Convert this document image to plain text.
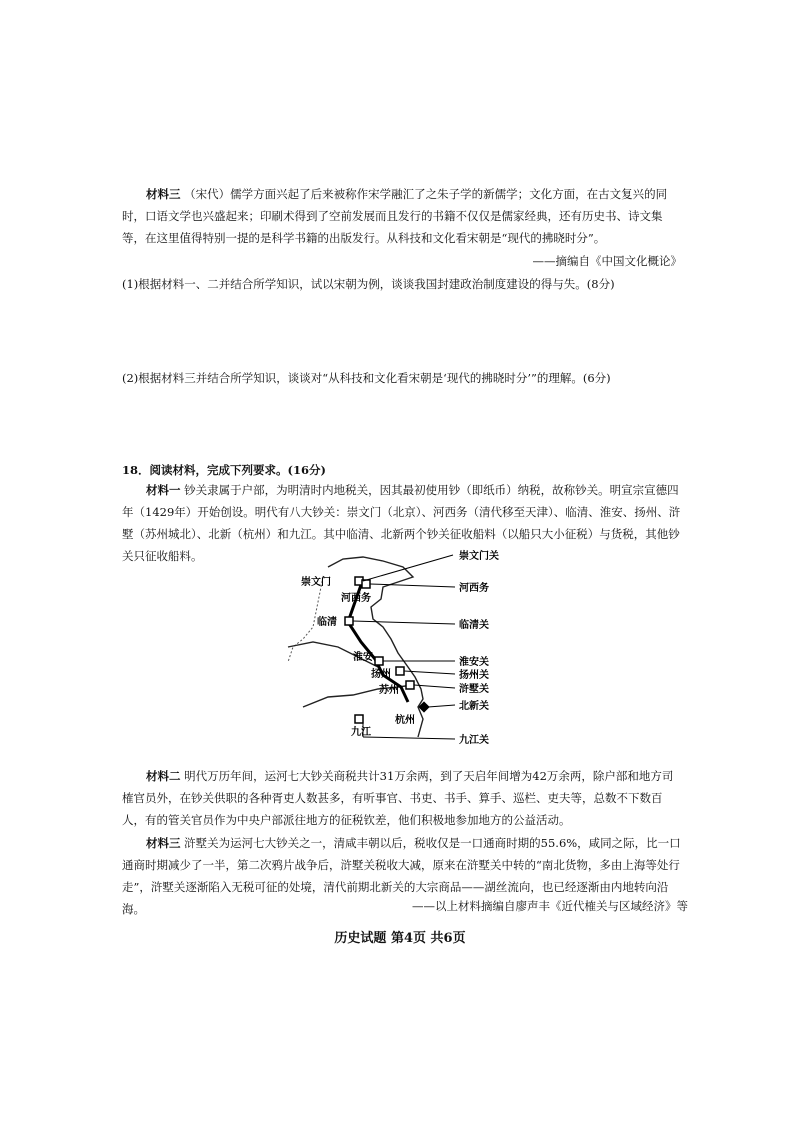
材料三 （宋代）儒学方面兴起了后来被称作宋学融汇了之朱子学的新儒学；文化方面，在古文复兴的同时，口语文学也兴盛起来；印刷术得到了空前发展而且发行的书籍不仅仅是儒家经典，还有历史书、诗文集等，在这里值得特别一提的是科学书籍的出版发行。从科技和文化看宋朝是“现代的拂晓时分”。
——摘编自《中国文化概论》
(1)根据材料一、二并结合所学知识，试以宋朝为例，谈谈我国封建政治制度建设的得与失。(8分)
(2)根据材料三并结合所学知识，谈谈对“从科技和文化看宋朝是‘现代的拂晓时分’”的理解。(6分)
18．阅读材料，完成下列要求。(16分)
材料一 钞关隶属于户部，为明清时内地税关，因其最初使用钞（即纸币）纳税，故称钞关。明宣宗宣德四年（1429年）开始创设。明代有八大钞关：崇文门（北京）、河西务（清代移至天津）、临清、淮安、扬州、浒墅（苏州城北）、北新（杭州）和九江。其中临清、北新两个钞关征收船料（以船只大小征税）与货税，其他钞关只征收船料。
崇文门
河西务
临清
淮安
扬州
苏州
杭州
九江
崇文门关
河西务
临清关
淮安关
扬州关
浒墅关
北新关
九江关
材料二 明代万历年间，运河七大钞关商税共计31万余两，到了天启年间增为42万余两，除户部和地方司榷官员外，在钞关供职的各种胥吏人数甚多，有听事官、书吏、书手、算手、巡栏、吏夫等，总数不下数百人，有的管关官员作为中央户部派往地方的征税钦差，他们积极地参加地方的公益活动。
材料三 浒墅关为运河七大钞关之一，清咸丰朝以后，税收仅是一口通商时期的55.6%，咸同之际，比一口通商时期减少了一半，第二次鸦片战争后，浒墅关税收大减，原来在浒墅关中转的“南北货物，多由上海等处行走”，浒墅关逐渐陷入无税可征的处境，清代前期北新关的大宗商品——湖丝流向，也已经逐渐由内地转向沿海。	——以上材料摘编自廖声丰《近代榷关与区域经济》等
历史试题 第4页 共6页
